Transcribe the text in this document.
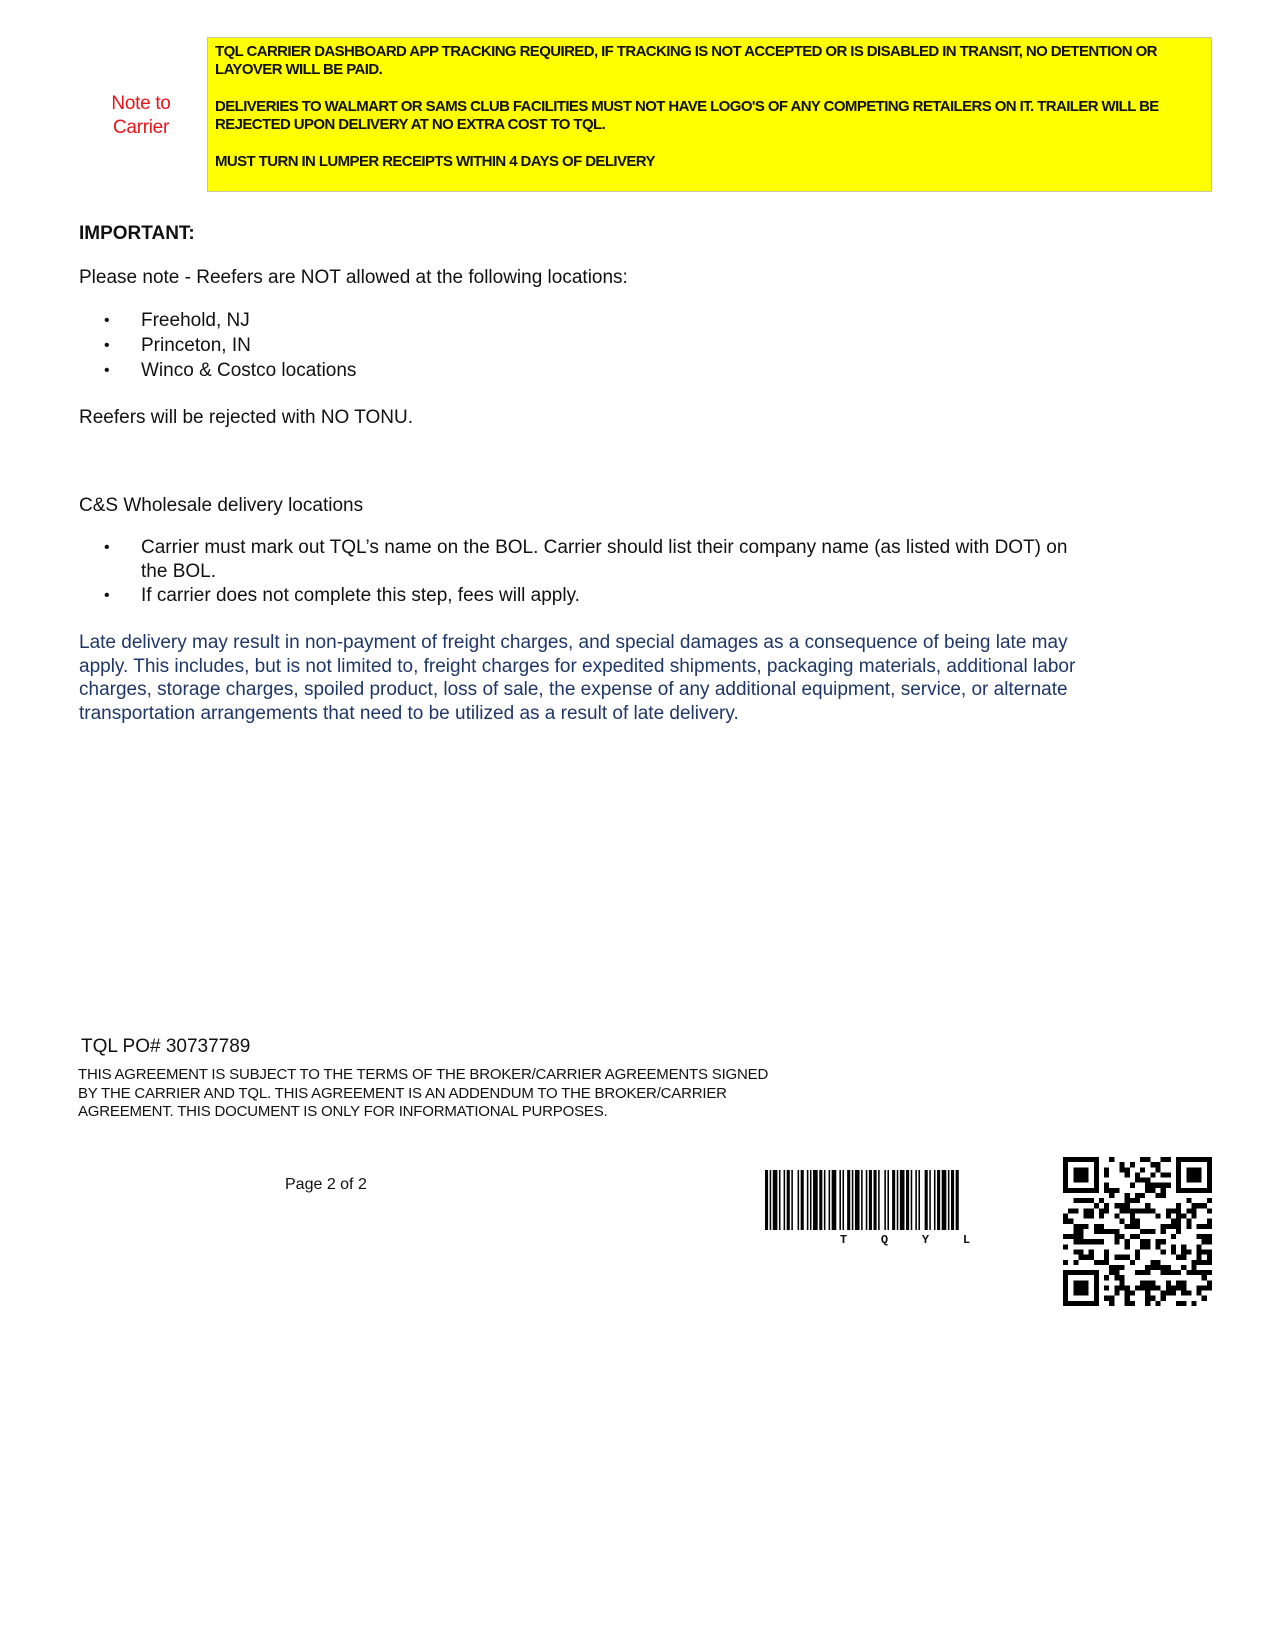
Note to Carrier

TQL CARRIER DASHBOARD APP TRACKING REQUIRED, IF TRACKING IS NOT ACCEPTED OR IS DISABLED IN TRANSIT, NO DETENTION OR LAYOVER WILL BE PAID.

DELIVERIES TO WALMART OR SAMS CLUB FACILITIES MUST NOT HAVE LOGO'S OF ANY COMPETING RETAILERS ON IT. TRAILER WILL BE REJECTED UPON DELIVERY AT NO EXTRA COST TO TQL.

MUST TURN IN LUMPER RECEIPTS WITHIN 4 DAYS OF DELIVERY

IMPORTANT:
Please note - Reefers are NOT allowed at the following locations:
• Freehold, NJ
• Princeton, IN
• Winco & Costco locations
Reefers will be rejected with NO TONU.
C&S Wholesale delivery locations
• Carrier must mark out TQL’s name on the BOL. Carrier should list their company name (as listed with DOT) on the BOL.
• If carrier does not complete this step, fees will apply.
Late delivery may result in non-payment of freight charges, and special damages as a consequence of being late may apply. This includes, but is not limited to, freight charges for expedited shipments, packaging materials, additional labor charges, storage charges, spoiled product, loss of sale, the expense of any additional equipment, service, or alternate transportation arrangements that need to be utilized as a result of late delivery.
TQL PO# 30737789
THIS AGREEMENT IS SUBJECT TO THE TERMS OF THE BROKER/CARRIER AGREEMENTS SIGNED BY THE CARRIER AND TQL. THIS AGREEMENT IS AN ADDENDUM TO THE BROKER/CARRIER AGREEMENT. THIS DOCUMENT IS ONLY FOR INFORMATIONAL PURPOSES.
Page 2 of 2
T	Q	Y	L
